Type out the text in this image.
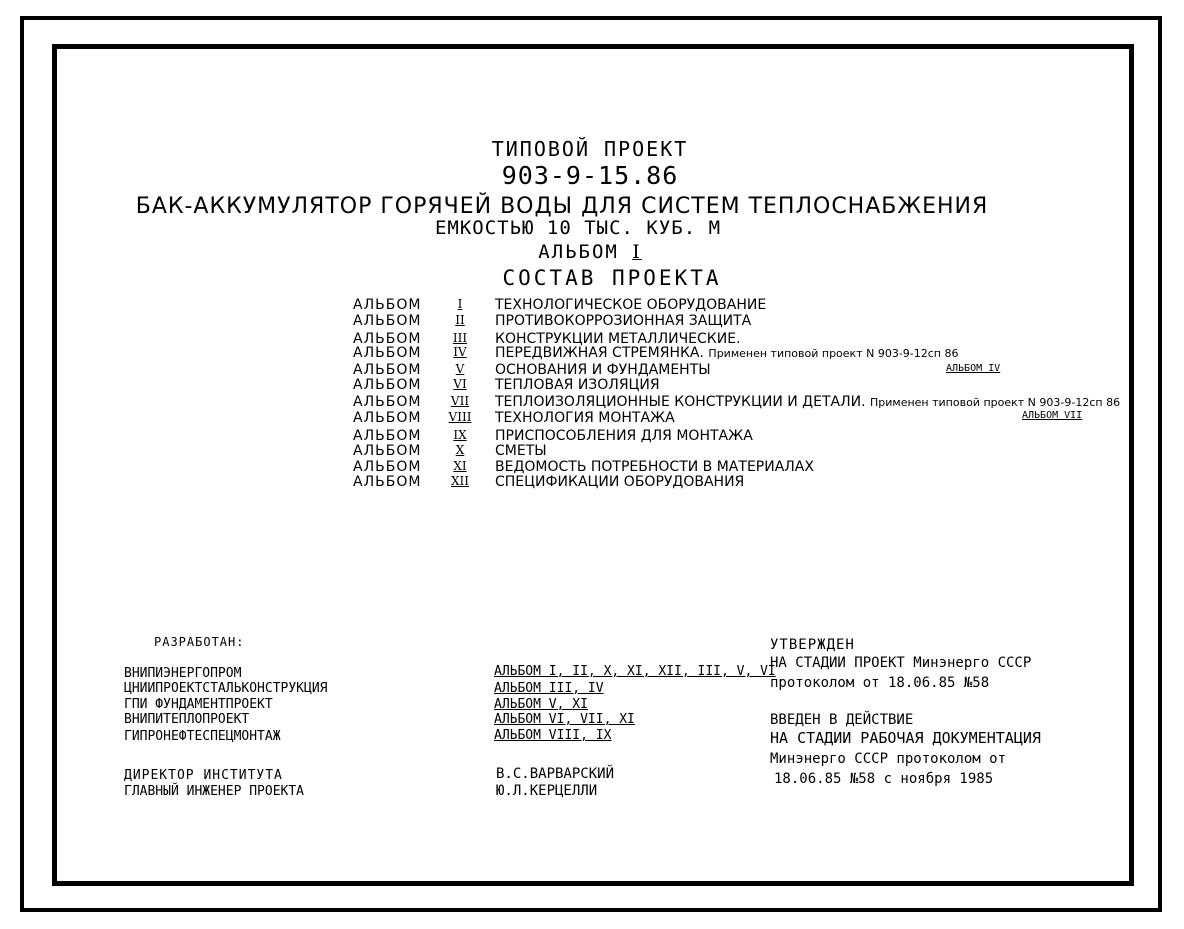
ТИПОВОЙ ПРОЕКТ
903-9-15.86
БАК-АККУМУЛЯТОР ГОРЯЧЕЙ ВОДЫ ДЛЯ СИСТЕМ ТЕПЛОСНАБЖЕНИЯ
ЕМКОСТЬЮ 10 ТЫС. КУБ. М
АЛЬБОМ I
СОСТАВ ПРОЕКТА
АЛЬБОМ	I	ТЕХНОЛОГИЧЕСКОЕ ОБОРУДОВАНИЕ
АЛЬБОМ	II	ПРОТИВОКОРРОЗИОННАЯ ЗАЩИТА
АЛЬБОМ	III	КОНСТРУКЦИИ МЕТАЛЛИЧЕСКИЕ.
АЛЬБОМ	IV	ПЕРЕДВИЖНАЯ СТРЕМЯНКА. Применен типовой проект N 903-9-12сп 86
АЛЬБОМ	V	ОСНОВАНИЯ И ФУНДАМЕНТЫ
АЛЬБОМ	VI	ТЕПЛОВАЯ ИЗОЛЯЦИЯ
АЛЬБОМ	VII	ТЕПЛОИЗОЛЯЦИОННЫЕ КОНСТРУКЦИИ И ДЕТАЛИ. Применен типовой проект N 903-9-12сп 86
АЛЬБОМ	VIII ТЕХНОЛОГИЯ МОНТАЖА
АЛЬБОМ	IX	ПРИСПОСОБЛЕНИЯ ДЛЯ МОНТАЖА
АЛЬБОМ	X	СМЕТЫ
АЛЬБОМ	XI	ВЕДОМОСТЬ ПОТРЕБНОСТИ В МАТЕРИАЛАХ
АЛЬБОМ	XII	СПЕЦИФИКАЦИИ ОБОРУДОВАНИЯ
АЛЬБОМ IV
АЛЬБОМ VII
РАЗРАБОТАН:
ВНИПИЭНЕРГОПРОМ	АЛЬБОМ I, II, X, XI, XII, III, V, VI
ЦНИИПРОЕКТСТАЛЬКОНСТРУКЦИЯ	АЛЬБОМ III, IV
ГПИ ФУНДАМЕНТПРОЕКТ	АЛЬБОМ V, XI
ВНИПИТЕПЛОПРОЕКТ	АЛЬБОМ VI, VII, XI
ГИПРОНЕФТЕСПЕЦМОНТАЖ	АЛЬБОМ VIII, IX
ДИРЕКТОР ИНСТИТУТА	В.С.ВАРВАРСКИЙ
ГЛАВНЫЙ ИНЖЕНЕР ПРОЕКТА	Ю.Л.КЕРЦЕЛЛИ
УТВЕРЖДЕН
НА СТАДИИ ПРОЕКТ Минэнерго СССР
протоколом от 18.06.85 №58
ВВЕДЕН В ДЕЙСТВИЕ
НА СТАДИИ РАБОЧАЯ ДОКУМЕНТАЦИЯ
Минэнерго СССР протоколом от
18.06.85 №58 с ноября 1985
